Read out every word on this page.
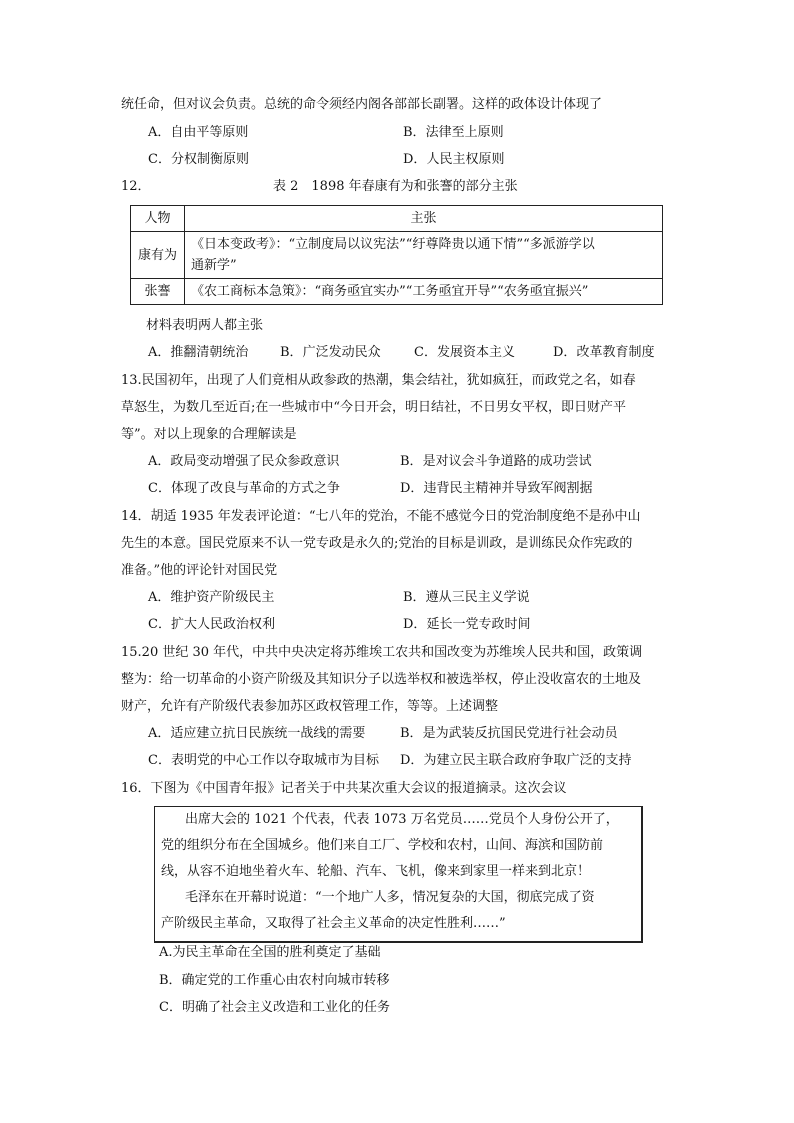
统任命，但对议会负责。总统的命令须经内阁各部部长副署。这样的政体设计体现了
A．自由平等原则	B．法律至上原则
C．分权制衡原则	D．人民主权原则
12．	表 2　1898 年春康有为和张謇的部分主张
人物	主张
康有为	《日本变政考》：“立制度局以议宪法”“纡尊降贵以通下情”“多派游学以
通新学”
张謇	《农工商标本急策》：“商务亟宜实办”“工务亟宜开导”“农务亟宜振兴”
材料表明两人都主张
A．推翻清朝统治 B．广泛发动民众	C．发展资本主义	D．改革教育制度
13.民国初年，出现了人们竟相从政参政的热潮，集会结社，犹如疯狂，而政党之名，如春
草怒生，为数几至近百;在一些城市中“今日开会，明日结社，不日男女平权，即日财产平
等”。对以上现象的合理解读是
A．政局变动增强了民众参政意识	B．是对议会斗争道路的成功尝试
C．体现了改良与革命的方式之争	D．违背民主精神并导致军阀割据
14．胡适 1935 年发表评论道：“七八年的党治，不能不感觉今日的党治制度绝不是孙中山
先生的本意。国民党原来不认一党专政是永久的;党治的目标是训政，是训练民众作宪政的
准备。”他的评论针对国民党
A．维护资产阶级民主	B．遵从三民主义学说
C．扩大人民政治权利	D．延长一党专政时间
15.20 世纪 30 年代，中共中央决定将苏维埃工农共和国改变为苏维埃人民共和国，政策调
整为：给一切革命的小资产阶级及其知识分子以选举权和被选举权，停止没收富农的土地及
财产，允许有产阶级代表参加苏区政权管理工作，等等。上述调整
A．适应建立抗日民族统一战线的需要	B．是为武装反抗国民党进行社会动员
C．表明党的中心工作以夺取城市为目标 D．为建立民主联合政府争取广泛的支持
16．下图为《中国青年报》记者关于中共某次重大会议的报道摘录。这次会议
出席大会的 1021 个代表，代表 1073 万名党员……党员个人身份公开了，
党的组织分布在全国城乡。他们来自工厂、学校和农村，山间、海滨和国防前
线，从容不迫地坐着火车、轮船、汽车、飞机，像来到家里一样来到北京！
毛泽东在开幕时说道：“一个地广人多，情况复杂的大国，彻底完成了资
产阶级民主革命，又取得了社会主义革命的决定性胜利……”
A.为民主革命在全国的胜利奠定了基础
B．确定党的工作重心由农村向城市转移
C．明确了社会主义改造和工业化的任务
